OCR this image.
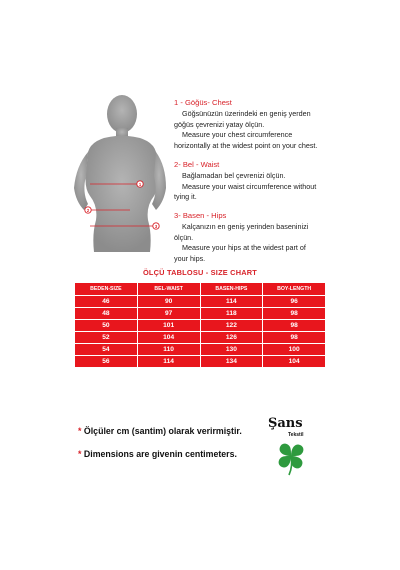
1
2
3

1 - Göğüs- Chest

Göğsünüzün üzerindeki en geniş yerden

göğüs çevrenizi yatay ölçün.

Measure your chest circumference

horizontally at the widest point on your chest.

2- Bel - Waist

Bağlamadan bel çevrenizi ölçün.

Measure your waist circumference without

tying it.

3- Basen - Hips

Kalçanızın en geniş yerinden baseninizi

ölçün.

Measure your hips at the widest part of

your hips.

ÖLÇÜ TABLOSU - SIZE CHART
BEDEN-SIZE	BEL-WAIST	BASEN-HIPS	BOY-LENGTH
46	90	114	96
48	97	118	98
50	101	122	98
52	104	126	98
54	110	130	100
56	114	134	104
* Ölçüler cm (santim) olarak verirmiştir.
* Dimensions are givenin centimeters.
Şans
Tekstil
